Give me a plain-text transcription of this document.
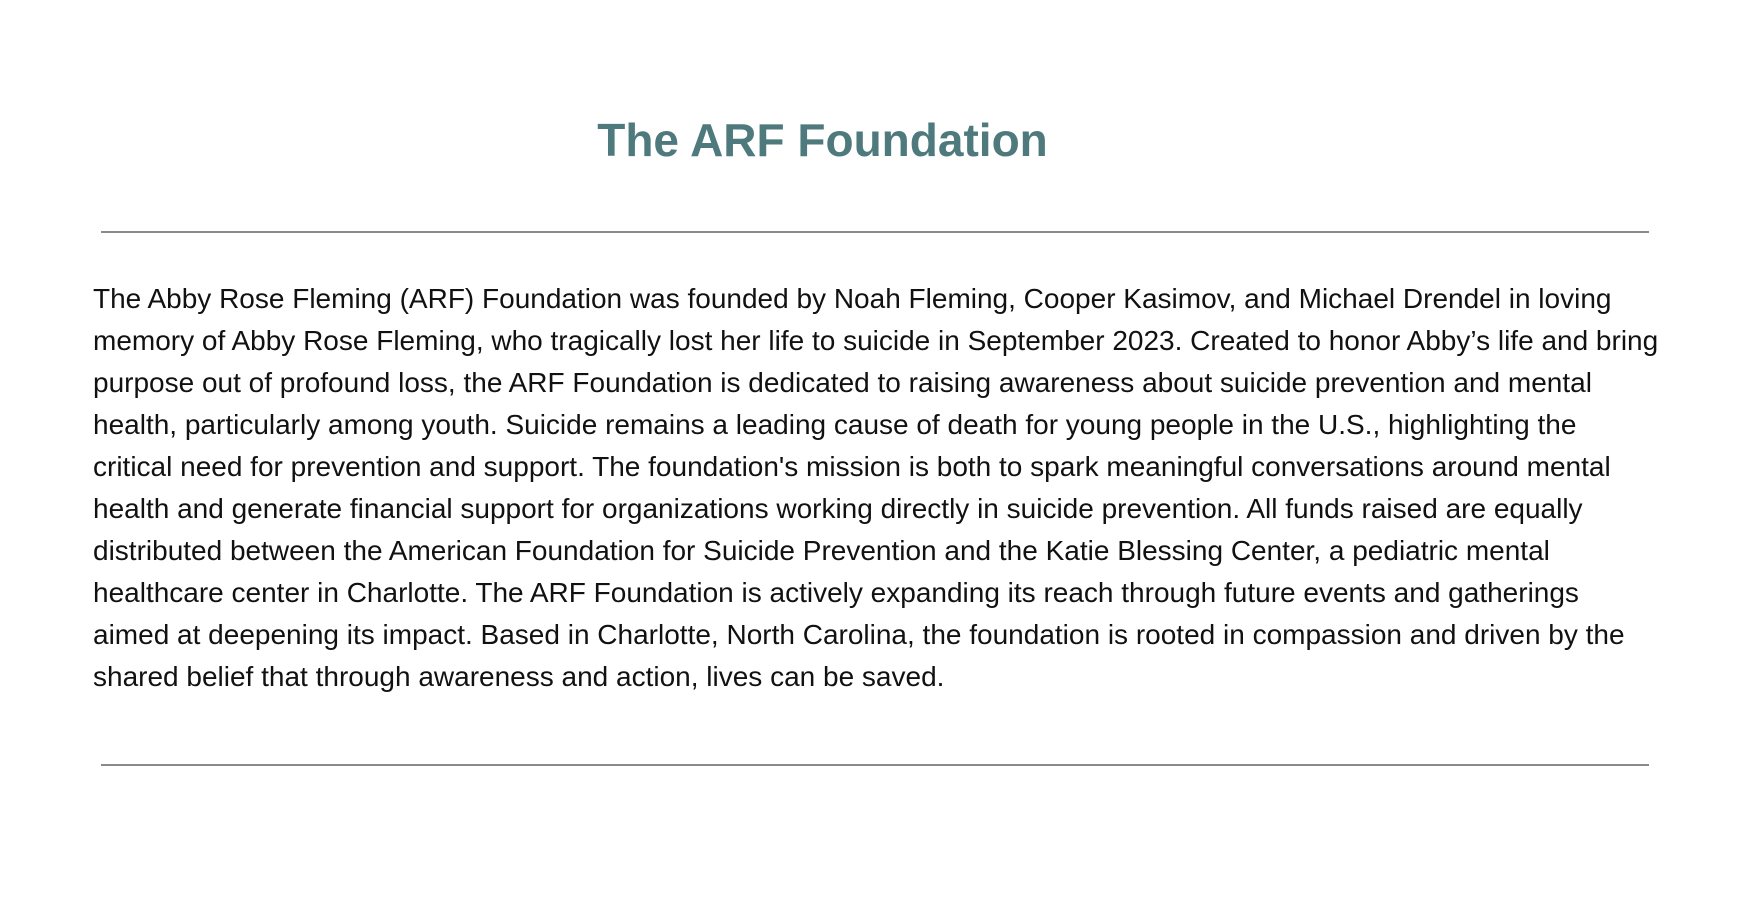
The ARF Foundation

The Abby Rose Fleming (ARF) Foundation was founded by Noah Fleming, Cooper Kasimov, and Michael Drendel in loving memory of Abby Rose Fleming, who tragically lost her life to suicide in September 2023. Created to honor Abby’s life and bring purpose out of profound loss, the ARF Foundation is dedicated to raising awareness about suicide prevention and mental health, particularly among youth. Suicide remains a leading cause of death for young people in the U.S., highlighting the critical need for prevention and support. The foundation's mission is both to spark meaningful conversations around mental health and generate financial support for organizations working directly in suicide prevention. All funds raised are equally distributed between the American Foundation for Suicide Prevention and the Katie Blessing Center, a pediatric mental healthcare center in Charlotte. The ARF Foundation is actively expanding its reach through future events and gatherings aimed at deepening its impact. Based in Charlotte, North Carolina, the foundation is rooted in compassion and driven by the shared belief that through awareness and action, lives can be saved.
